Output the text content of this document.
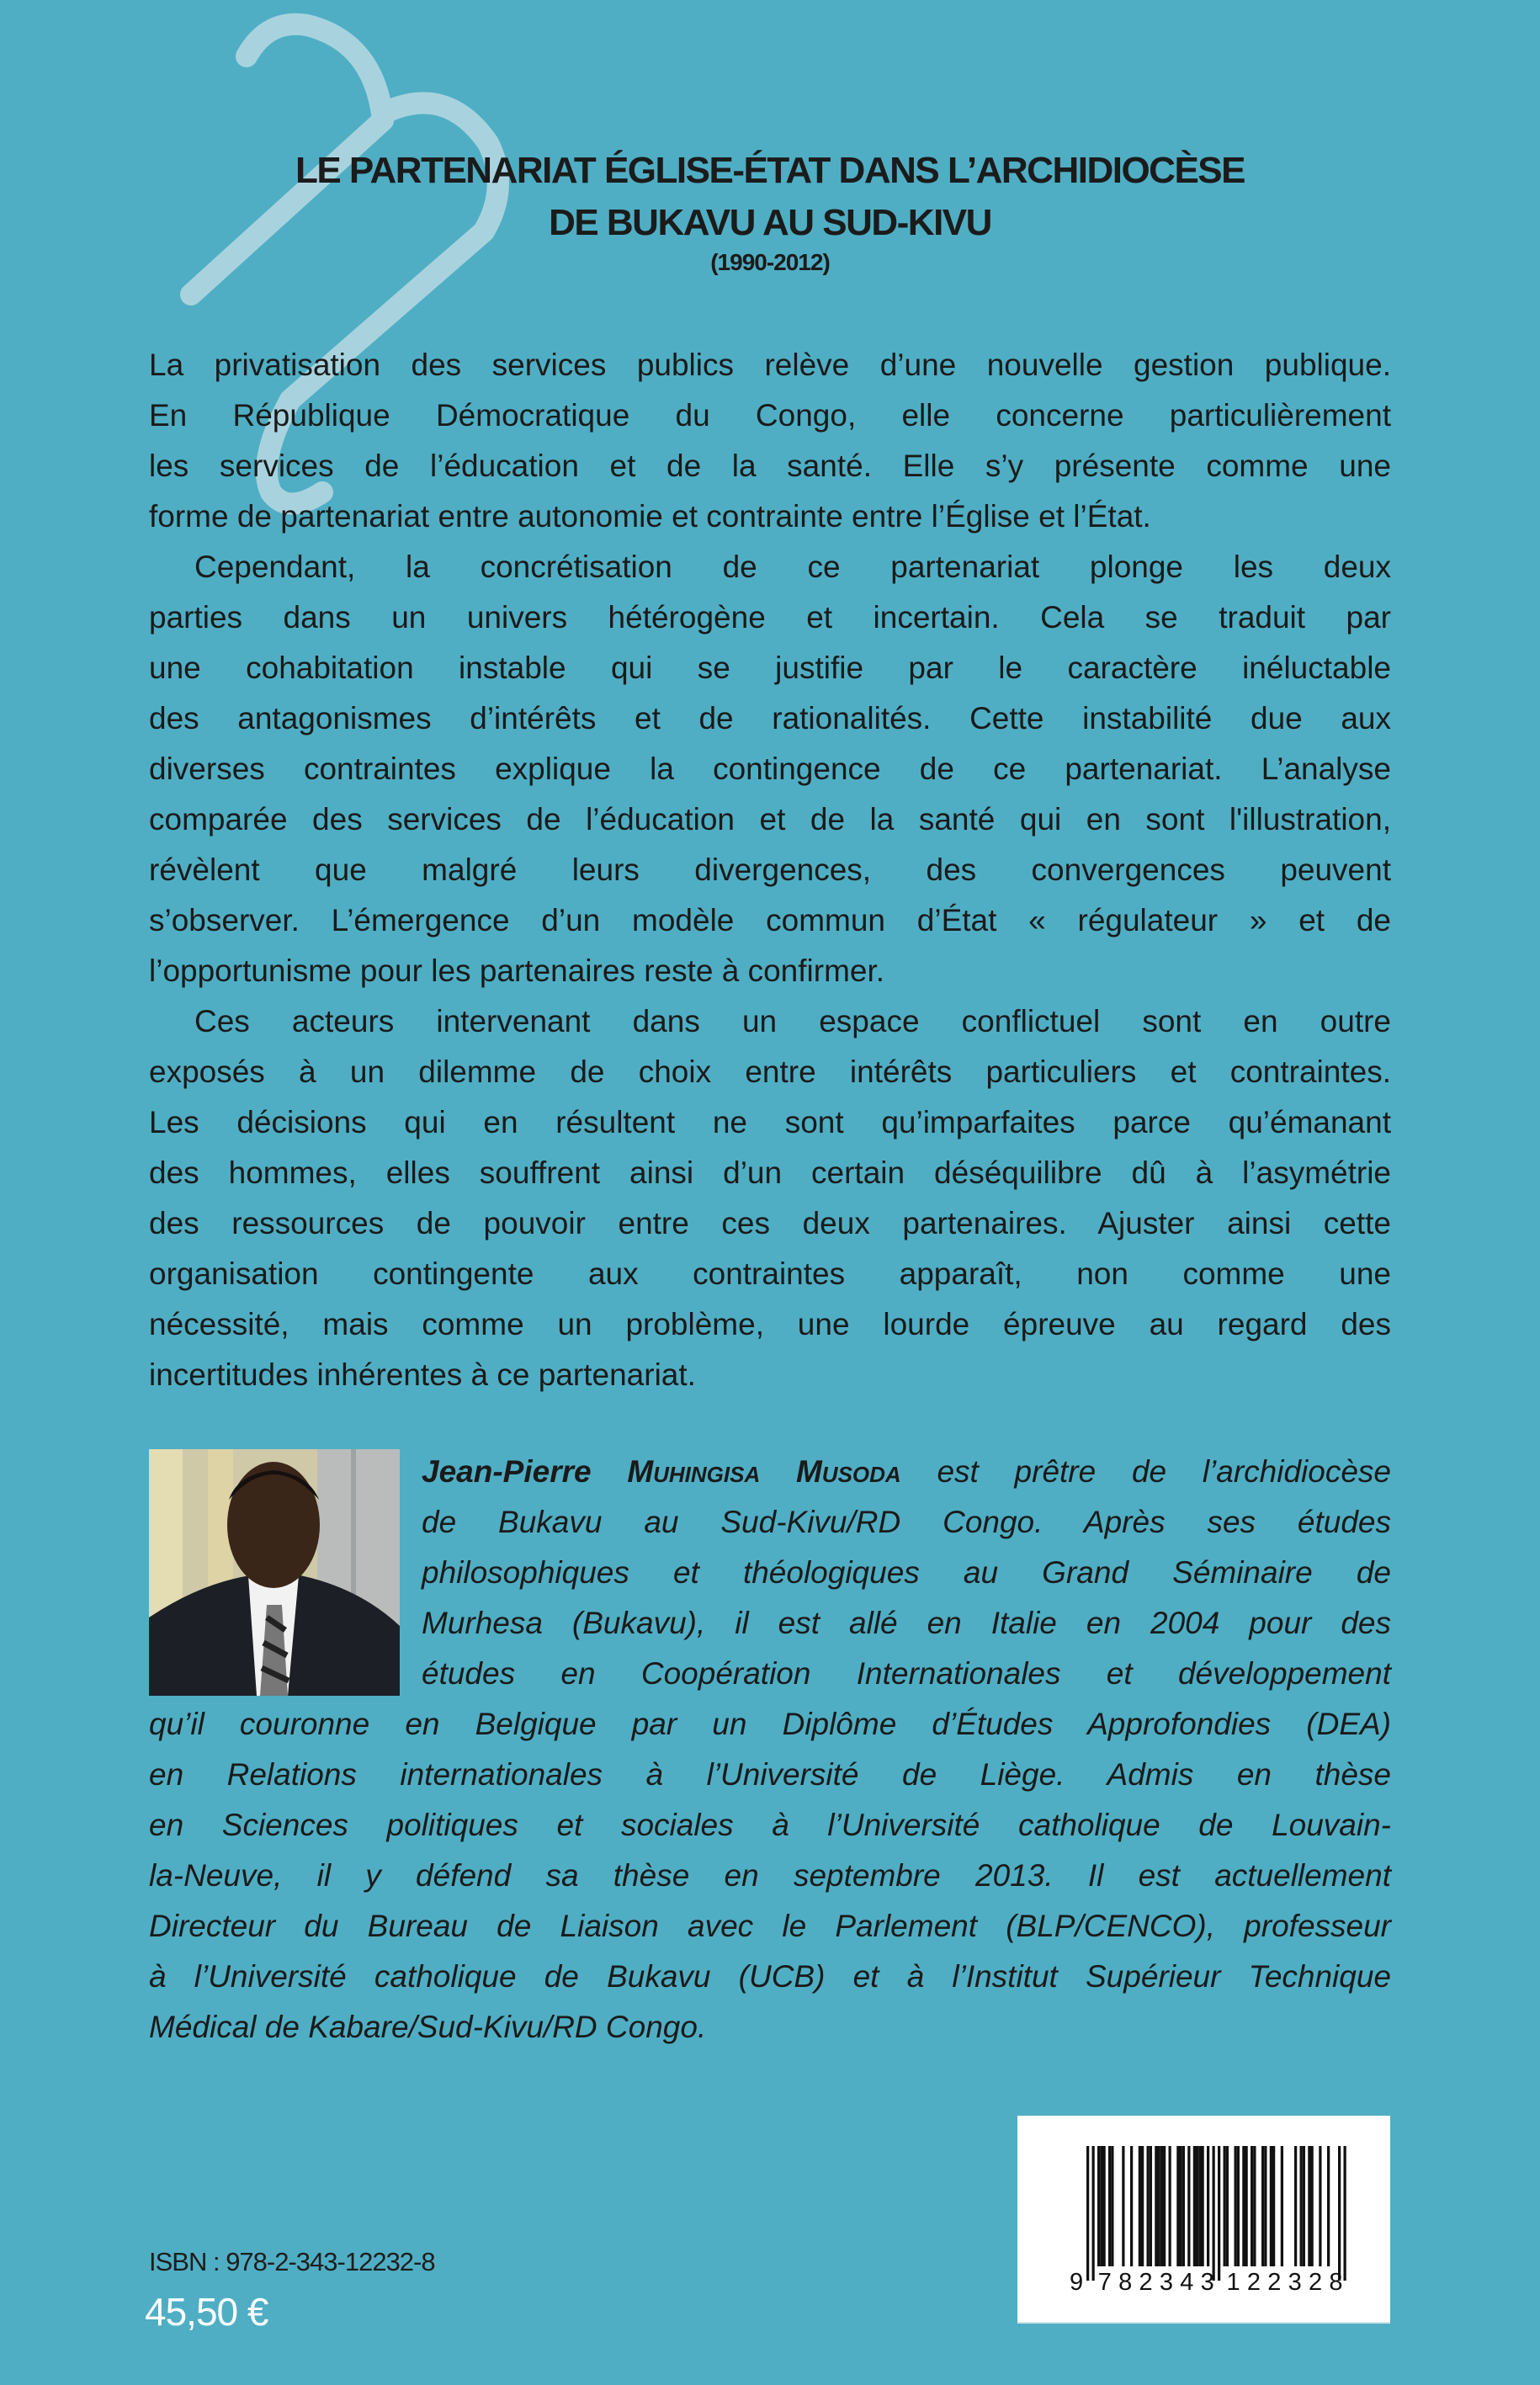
LE PARTENARIAT ÉGLISE-ÉTAT DANS L’ARCHIDIOCÈSE
DE BUKAVU AU SUD-KIVU
(1990-2012)
La privatisation des services publics relève d’une nouvelle gestion publique.
En République Démocratique du Congo, elle concerne particulièrement
les services de l’éducation et de la santé. Elle s’y présente comme une
forme de partenariat entre autonomie et contrainte entre l’Église et l’État.
Cependant, la concrétisation de ce partenariat plonge les deux
parties dans un univers hétérogène et incertain. Cela se traduit par
une cohabitation instable qui se justifie par le caractère inéluctable
des antagonismes d’intérêts et de rationalités. Cette instabilité due aux
diverses contraintes explique la contingence de ce partenariat. L’analyse
comparée des services de l’éducation et de la santé qui en sont l'illustration,
révèlent que malgré leurs divergences, des convergences peuvent
s’observer. L’émergence d’un modèle commun d’État « régulateur » et de
l’opportunisme pour les partenaires reste à confirmer.
Ces acteurs intervenant dans un espace conflictuel sont en outre
exposés à un dilemme de choix entre intérêts particuliers et contraintes.
Les décisions qui en résultent ne sont qu’imparfaites parce qu’émanant
des hommes, elles souffrent ainsi d’un certain déséquilibre dû à l’asymétrie
des ressources de pouvoir entre ces deux partenaires. Ajuster ainsi cette
organisation contingente aux contraintes apparaît, non comme une
nécessité, mais comme un problème, une lourde épreuve au regard des
incertitudes inhérentes à ce partenariat.
Jean-Pierre Muhingisa Musoda est prêtre de l’archidiocèse
de Bukavu au Sud-Kivu/RD Congo. Après ses études
philosophiques et théologiques au Grand Séminaire de
Murhesa (Bukavu), il est allé en Italie en 2004 pour des
études en Coopération Internationales et développement
qu’il couronne en Belgique par un Diplôme d’Études Approfondies (DEA)
en Relations internationales à l’Université de Liège. Admis en thèse
en Sciences politiques et sociales à l’Université catholique de Louvain-
la-Neuve, il y défend sa thèse en septembre 2013. Il est actuellement
Directeur du Bureau de Liaison avec le Parlement (BLP/CENCO), professeur
à l’Université catholique de Bukavu (UCB) et à l’Institut Supérieur Technique
Médical de Kabare/Sud-Kivu/RD Congo.
ISBN : 978-2-343-12232-8
45,50 €
9 782343 122328
